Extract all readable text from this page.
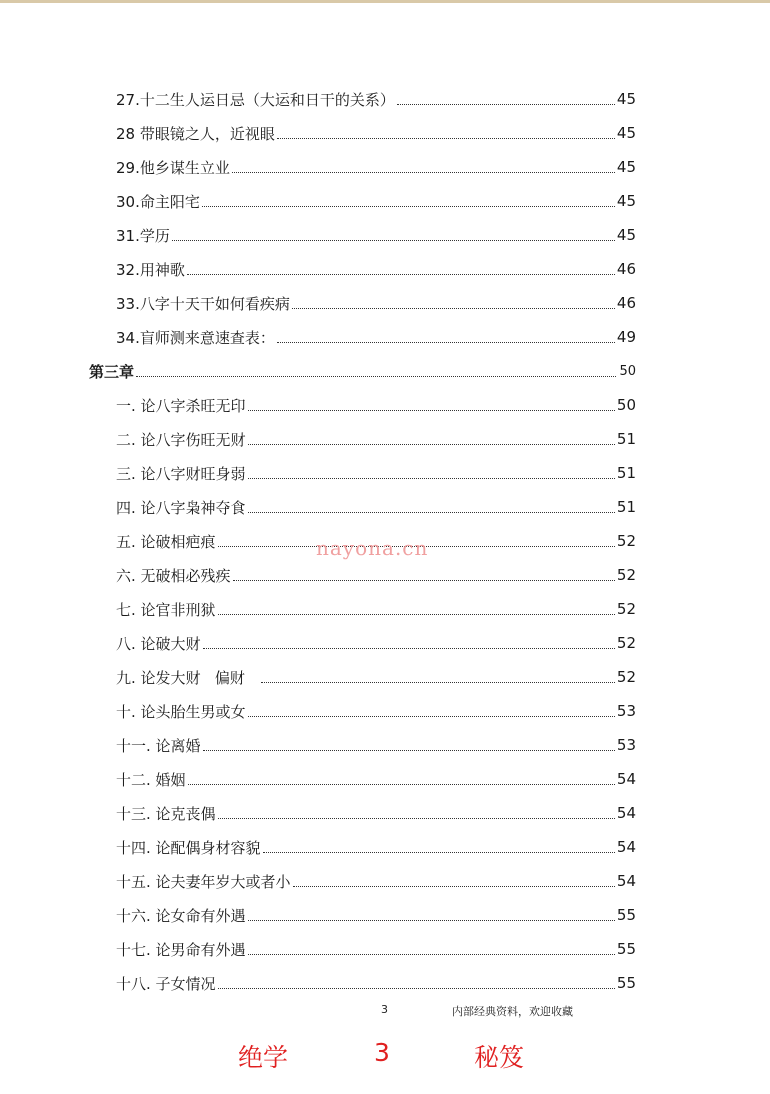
27.十二生人运日忌（大运和日干的关系）	45
28 带眼镜之人，近视眼	45
29.他乡谋生立业	45
30.命主阳宅	45
31.学历	45
32.用神歌	46
33.八字十天干如何看疾病	46
34.盲师测来意速查表：	49
第三章	50
一. 论八字杀旺无印	50
二. 论八字伤旺无财	51
三. 论八字财旺身弱	51
四. 论八字枭神夺食	51
五. 论破相疤痕	52
六. 无破相必残疾	52
七. 论官非刑狱	52
八. 论破大财	52
九. 论发大财   偏财	52
十. 论头胎生男或女	53
十一. 论离婚	53
十二. 婚姻	54
十三. 论克丧偶	54
十四. 论配偶身材容貌	54
十五. 论夫妻年岁大或者小	54
十六. 论女命有外遇	55
十七. 论男命有外遇	55
十八. 子女情况	55
nayona.cn
3	内部经典资料，欢迎收藏
绝学	3	秘笈
